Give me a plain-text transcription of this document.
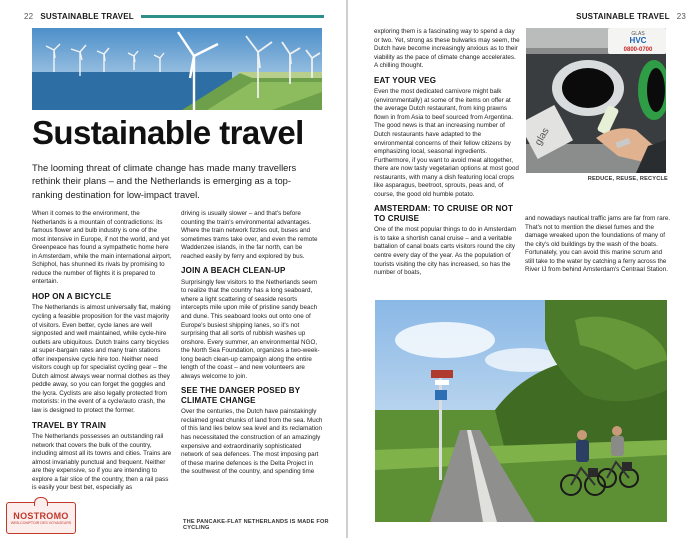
22 SUSTAINABLE TRAVEL
Sustainable travel

The looming threat of climate change has made many travellers rethink their plans – and the Netherlands is emerging as a top-ranking destination for low-impact travel.

When it comes to the environment, the Netherlands is a mountain of contradictions: its famous flower and bulb industry is one of the most intensive in Europe, if not the world, and yet Greenpeace has found a sympathetic home here in Amsterdam, while the main international airport, Schiphol, has shunned its rivals by promising to reduce the number of flights it is prepared to entertain.

HOP ON A BICYCLE

The Netherlands is almost universally flat, making cycling a feasible proposition for the vast majority of visitors. Even better, cycle lanes are well signposted and well maintained, while cycle-hire outlets are ubiquitous. Dutch trains carry bicycles at super-bargain rates and many train stations offer inexpensive cycle hire too. Neither need visitors cough up for specialist cycling gear – the Dutch almost always wear normal clothes as they peddle away, so you can forget the goggles and the lycra. Cyclists are also legally protected from motorists: in the event of a cycle/auto crash, the law is designed to protect the former.

TRAVEL BY TRAIN

The Netherlands possesses an outstanding rail network that covers the bulk of the country, including almost all its towns and cities. Trains are almost invariably punctual and frequent. Neither are they expensive, so if you are intending to explore a fair slice of the country, then a rail pass is easily your best bet, especially as

driving is usually slower – and that's before counting the train's environmental advantages. Where the train network fizzles out, buses and sometimes trams take over, and even the remote Waddenzee islands, in the far north, can be reached easily by ferry and explored by bus.

JOIN A BEACH CLEAN-UP

Surprisingly few visitors to the Netherlands seem to realize that the country has a long seaboard, where a light scattering of seaside resorts intercepts mile upon mile of pristine sandy beach and dune. This seaboard looks out onto one of Europe's busiest shipping lanes, so it's not surprising that all sorts of rubbish washes up onshore. Every summer, an environmental NGO, the North Sea Foundation, organizes a two-week-long beach clean-up campaign along the entire length of the coast – and new volunteers are always welcome to join.

SEE THE DANGER POSED BY CLIMATE CHANGE

Over the centuries, the Dutch have painstakingly reclaimed great chunks of land from the sea. Much of this land lies below sea level and its reclamation has necessitated the construction of an amazingly expensive and extraordinarily sophisticated network of sea defences. The most imposing part of these marine defences is the Delta Project in the southwest of the country, and spending time

THE PANCAKE-FLAT NETHERLANDS IS MADE FOR CYCLING
NOSTROMO
WEB-COMPTOIR DES VOYAGEURS
SUSTAINABLE TRAVEL 23

exploring them is a fascinating way to spend a day or two. Yet, strong as these bulwarks may seem, the Dutch have become increasingly anxious as to their viability as the pace of climate change accelerates. A chilling thought.

EAT YOUR VEG

Even the most dedicated carnivore might balk (environmentally) at some of the items on offer at the average Dutch restaurant, from king prawns flown in from Asia to beef sourced from Argentina. The good news is that an increasing number of Dutch restaurants have adapted to the environmental concerns of their fellow citizens by emphasizing local, seasonal ingredients. Furthermore, if you want to avoid meat altogether, there are now tasty vegetarian options at most good restaurants, with many a dish featuring local crops like asparagus, beetroot, sprouts, peas and, of course, the good old humble potato.

AMSTERDAM: TO CRUISE OR NOT TO CRUISE

One of the most popular things to do in Amsterdam is to take a shortish canal cruise – and a veritable battalion of canal boats carts visitors round the city centre every day of the year. As the population of tourists visiting the city has increased, so has the number of boats,

GLAS
HVC
0800-0700
glas
REDUCE, REUSE, RECYCLE

and nowadays nautical traffic jams are far from rare. That's not to mention the diesel fumes and the damage wreaked upon the foundations of many of the city's old buildings by the wash of the boats. Fortunately, you can avoid this marine scrum and still take to the water by catching a ferry across the River IJ from behind Amsterdam's Centraal Station.
